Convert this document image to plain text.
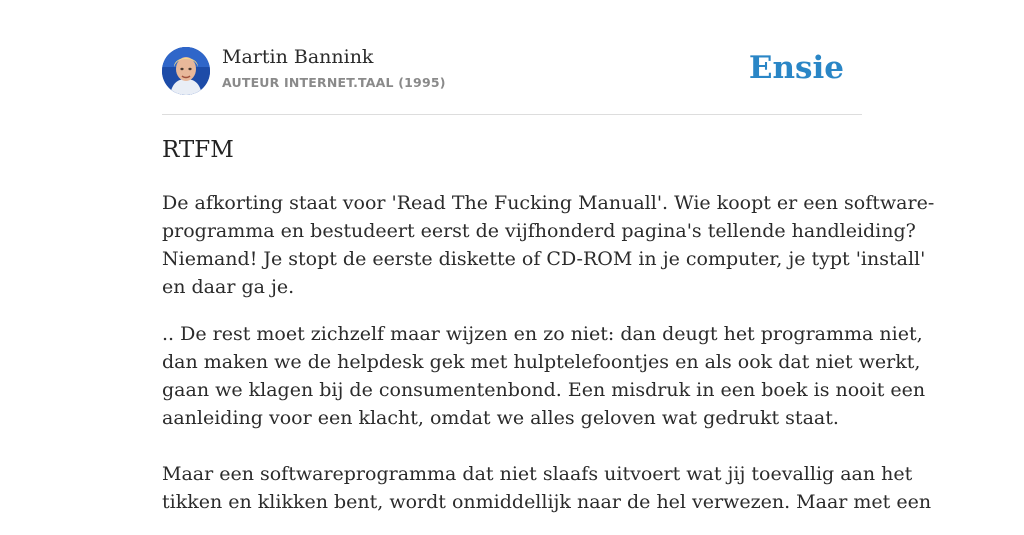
Martin Bannink
AUTEUR INTERNET.TAAL (1995)	Ensie
RTFM

De afkorting staat voor 'Read The Fucking Manuall'. Wie koopt er een software-
programma en bestudeert eerst de vijfhonderd pagina's tellende handleiding?
Niemand! Je stopt de eerste diskette of CD-ROM in je computer, je typt 'install'
en daar ga je.

.. De rest moet zichzelf maar wijzen en zo niet: dan deugt het programma niet,
dan maken we de helpdesk gek met hulptelefoontjes en als ook dat niet werkt,
gaan we klagen bij de consumentenbond. Een misdruk in een boek is nooit een
aanleiding voor een klacht, omdat we alles geloven wat gedrukt staat.
Maar een softwareprogramma dat niet slaafs uitvoert wat jij toevallig aan het
tikken en klikken bent, wordt onmiddellijk naar de hel verwezen. Maar met een
